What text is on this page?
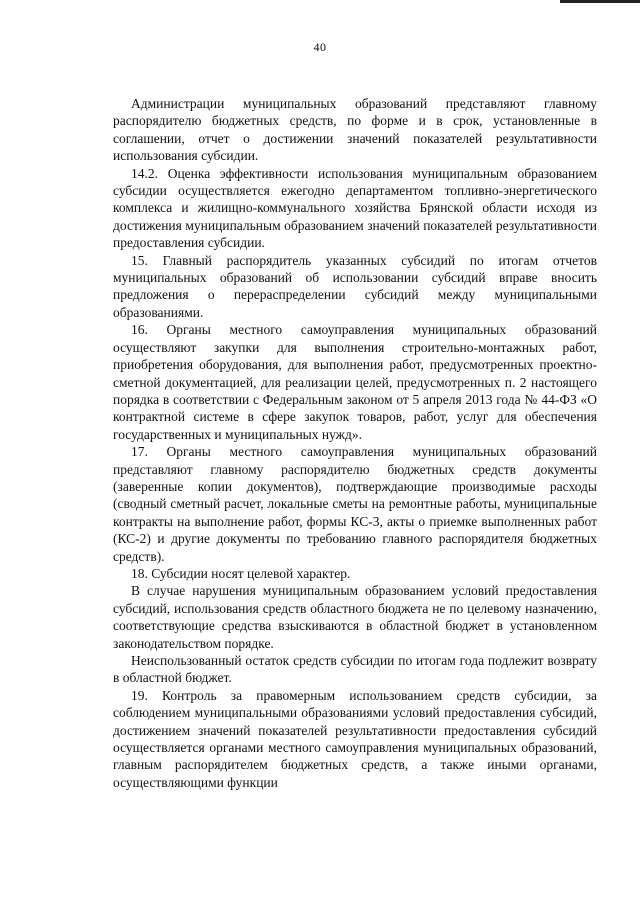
40

Администрации муниципальных образований представляют главному распорядителю бюджетных средств, по форме и в срок, установленные в соглашении, отчет о достижении значений показателей результативности использования субсидии.

14.2. Оценка эффективности использования муниципальным образованием субсидии осуществляется ежегодно департаментом топливно-энергетического комплекса и жилищно-коммунального хозяйства Брянской области исходя из достижения муниципальным образованием значений показателей результативности предоставления субсидии.

15. Главный распорядитель указанных субсидий по итогам отчетов муниципальных образований об использовании субсидий вправе вносить предложения о перераспределении субсидий между муниципальными образованиями.

16. Органы местного самоуправления муниципальных образований осуществляют закупки для выполнения строительно-монтажных работ, приобретения оборудования, для выполнения работ, предусмотренных проектно-сметной документацией, для реализации целей, предусмотренных п. 2 настоящего порядка в соответствии с Федеральным законом от 5 апреля 2013 года № 44-ФЗ «О контрактной системе в сфере закупок товаров, работ, услуг для обеспечения государственных и муниципальных нужд».

17. Органы местного самоуправления муниципальных образований представляют главному распорядителю бюджетных средств документы (заверенные копии документов), подтверждающие производимые расходы (сводный сметный расчет, локальные сметы на ремонтные работы, муниципальные контракты на выполнение работ, формы КС-3, акты о приемке выполненных работ (КС-2) и другие документы по требованию главного распорядителя бюджетных средств).

18. Субсидии носят целевой характер.

В случае нарушения муниципальным образованием условий предоставления субсидий, использования средств областного бюджета не по целевому назначению, соответствующие средства взыскиваются в областной бюджет в установленном законодательством порядке.

Неиспользованный остаток средств субсидии по итогам года подлежит возврату в областной бюджет.

19. Контроль за правомерным использованием средств субсидии, за соблюдением муниципальными образованиями условий предоставления субсидий, достижением значений показателей результативности предоставления субсидий осуществляется органами местного самоуправления муниципальных образований, главным распорядителем бюджетных средств, а также иными органами, осуществляющими функции
